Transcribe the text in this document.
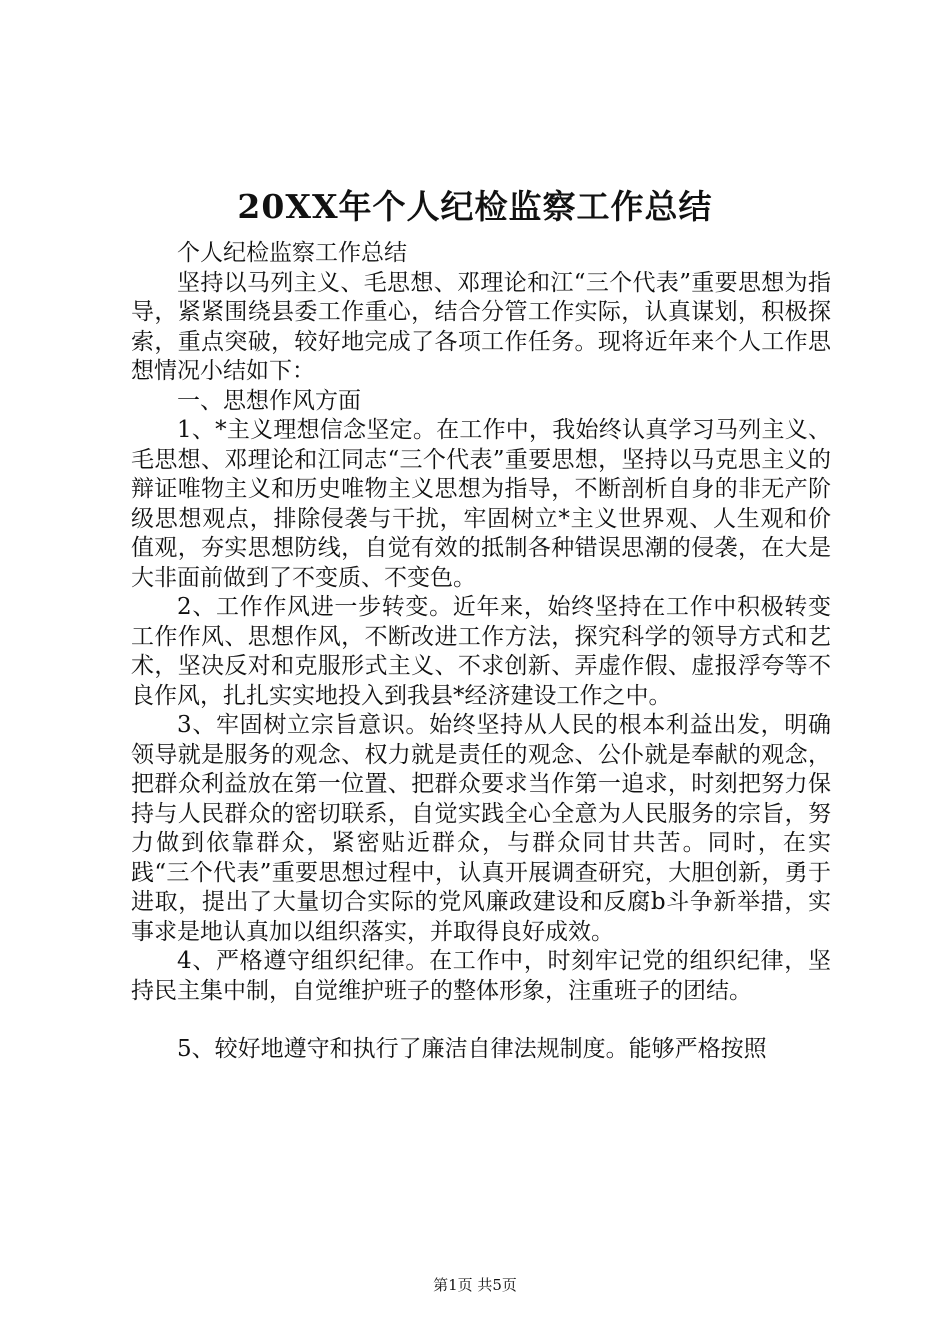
20XX年个人纪检监察工作总结

个人纪检监察工作总结

坚持以马列主义、毛思想、邓理论和江“三个代表”重要思想为指导，紧紧围绕县委工作重心，结合分管工作实际，认真谋划，积极探索，重点突破，较好地完成了各项工作任务。现将近年来个人工作思想情况小结如下：

一、思想作风方面

1、*主义理想信念坚定。在工作中，我始终认真学习马列主义、毛思想、邓理论和江同志“三个代表”重要思想，坚持以马克思主义的辩证唯物主义和历史唯物主义思想为指导，不断剖析自身的非无产阶级思想观点，排除侵袭与干扰，牢固树立*主义世界观、人生观和价值观，夯实思想防线，自觉有效的抵制各种错误思潮的侵袭，在大是大非面前做到了不变质、不变色。

2、工作作风进一步转变。近年来，始终坚持在工作中积极转变工作作风、思想作风，不断改进工作方法，探究科学的领导方式和艺术，坚决反对和克服形式主义、不求创新、弄虚作假、虚报浮夸等不良作风，扎扎实实地投入到我县*经济建设工作之中。

3、牢固树立宗旨意识。始终坚持从人民的根本利益出发，明确领导就是服务的观念、权力就是责任的观念、公仆就是奉献的观念，把群众利益放在第一位置、把群众要求当作第一追求，时刻把努力保持与人民群众的密切联系，自觉实践全心全意为人民服务的宗旨，努力做到依靠群众，紧密贴近群众，与群众同甘共苦。同时，在实践“三个代表”重要思想过程中，认真开展调查研究，大胆创新，勇于进取，提出了大量切合实际的党风廉政建设和反腐b斗争新举措，实事求是地认真加以组织落实，并取得良好成效。

4、严格遵守组织纪律。在工作中，时刻牢记党的组织纪律，坚持民主集中制，自觉维护班子的整体形象，注重班子的团结。

5、较好地遵守和执行了廉洁自律法规制度。能够严格按照

第1页 共5页
